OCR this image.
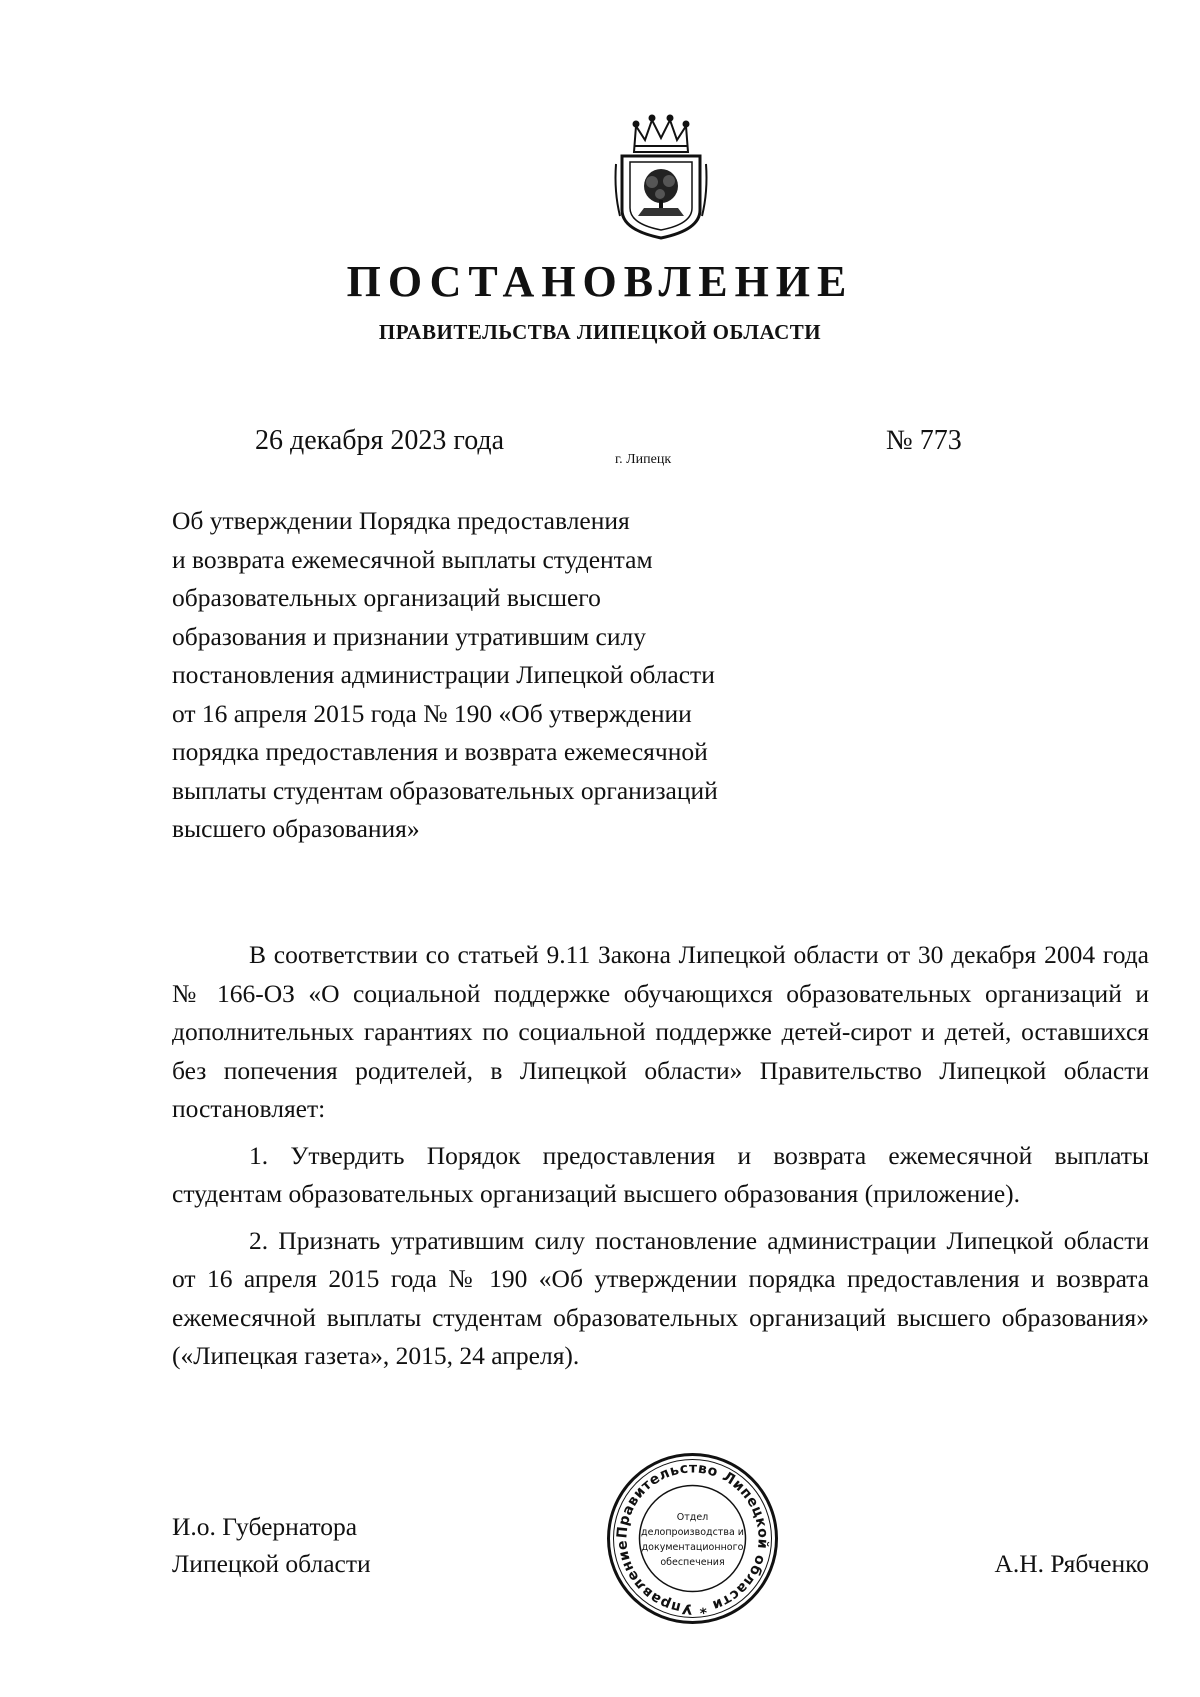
ПОСТАНОВЛЕНИЕ
ПРАВИТЕЛЬСТВА ЛИПЕЦКОЙ ОБЛАСТИ
26 декабря 2023 года
г. Липецк
№ 773
Об утверждении Порядка предоставления
и возврата ежемесячной выплаты студентам
образовательных организаций высшего
образования и признании утратившим силу
постановления администрации Липецкой области
от 16 апреля 2015 года № 190 «Об утверждении
порядка предоставления и возврата ежемесячной
выплаты студентам образовательных организаций
высшего образования»

В соответствии со статьей 9.11 Закона Липецкой области от 30 декабря 2004 года № 166-ОЗ «О социальной поддержке обучающихся образовательных организаций и дополнительных гарантиях по социальной поддержке детей-сирот и детей, оставшихся без попечения родителей, в Липецкой области» Правительство Липецкой области постановляет:

1. Утвердить Порядок предоставления и возврата ежемесячной выплаты студентам образовательных организаций высшего образования (приложение).

2. Признать утратившим силу постановление администрации Липецкой области от 16 апреля 2015 года № 190 «Об утверждении порядка предоставления и возврата ежемесячной выплаты студентам образовательных организаций высшего образования» («Липецкая газета», 2015, 24 апреля).

И.о. Губернатора
Липецкой области	А.Н. Рябченко
Правительство Липецкой области * Управление
Отдел
делопроизводства и
документационного
обеспечения
